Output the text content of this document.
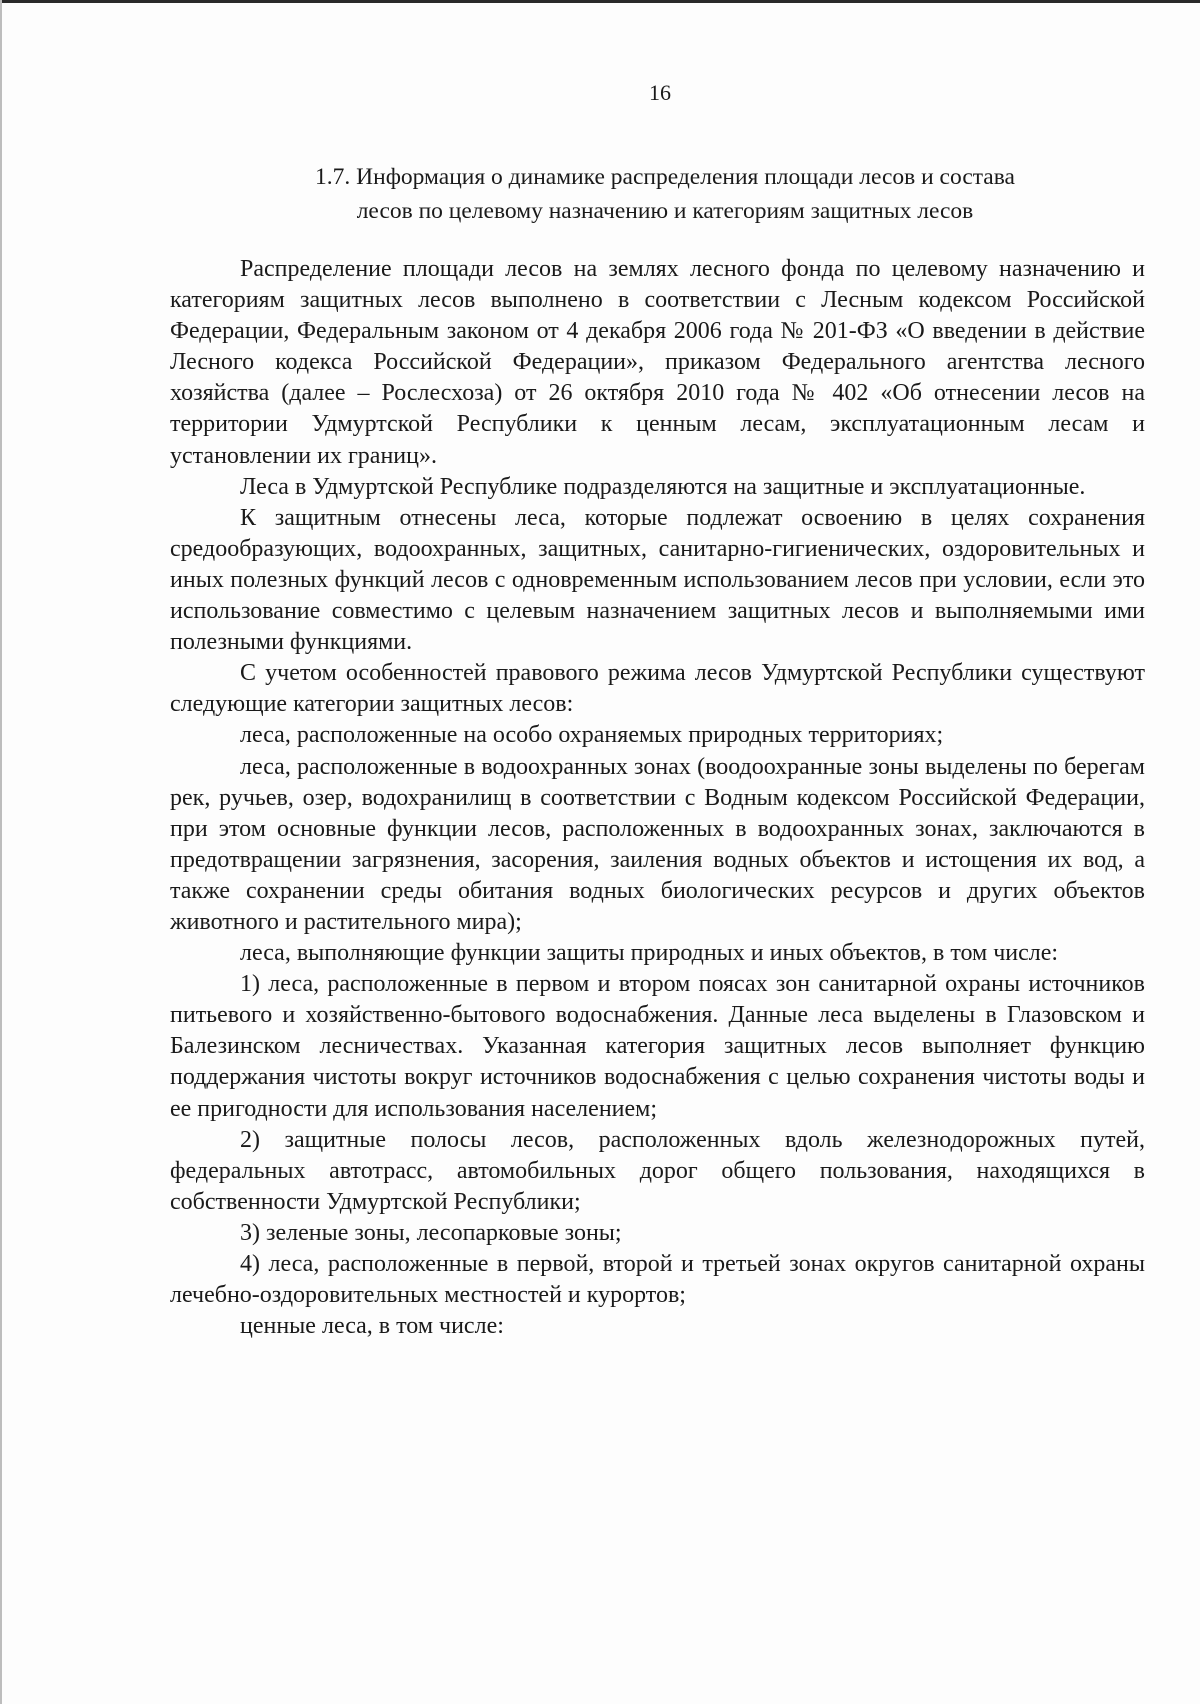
16
1.7. Информация о динамике распределения площади лесов и состава
лесов по целевому назначению и категориям защитных лесов

Распределение площади лесов на землях лесного фонда по целевому назначению и категориям защитных лесов выполнено в соответствии с Лесным кодексом Российской Федерации, Федеральным законом от 4 декабря 2006 года № 201-ФЗ «О введении в действие Лесного кодекса Российской Федерации», приказом Федерального агентства лесного хозяйства (далее – Рослесхоза) от 26 октября 2010 года № 402 «Об отнесении лесов на территории Удмуртской Республики к ценным лесам, эксплуатационным лесам и установлении их границ».

Леса в Удмуртской Республике подразделяются на защитные и эксплуатационные.

К защитным отнесены леса, которые подлежат освоению в целях сохранения средообразующих, водоохранных, защитных, санитарно-гигиенических, оздоровительных и иных полезных функций лесов с одновременным использованием лесов при условии, если это использование совместимо с целевым назначением защитных лесов и выполняемыми ими полезными функциями.

С учетом особенностей правового режима лесов Удмуртской Республики существуют следующие категории защитных лесов:

леса, расположенные на особо охраняемых природных территориях;

леса, расположенные в водоохранных зонах (воодоохранные зоны выделены по берегам рек, ручьев, озер, водохранилищ в соответствии с Водным кодексом Российской Федерации, при этом основные функции лесов, расположенных в водоохранных зонах, заключаются в предотвращении загрязнения, засорения, заиления водных объектов и истощения их вод, а также сохранении среды обитания водных биологических ресурсов и других объектов животного и растительного мира);

леса, выполняющие функции защиты природных и иных объектов, в том числе:

1) леса, расположенные в первом и втором поясах зон санитарной охраны источников питьевого и хозяйственно-бытового водоснабжения. Данные леса выделены в Глазовском и Балезинском лесничествах. Указанная категория защитных лесов выполняет функцию поддержания чистоты вокруг источников водоснабжения с целью сохранения чистоты воды и ее пригодности для использования населением;

2) защитные полосы лесов, расположенных вдоль железнодорожных путей, федеральных автотрасс, автомобильных дорог общего пользования, находящихся в собственности Удмуртской Республики;

3) зеленые зоны, лесопарковые зоны;

4) леса, расположенные в первой, второй и третьей зонах округов санитарной охраны лечебно-оздоровительных местностей и курортов;

ценные леса, в том числе:
